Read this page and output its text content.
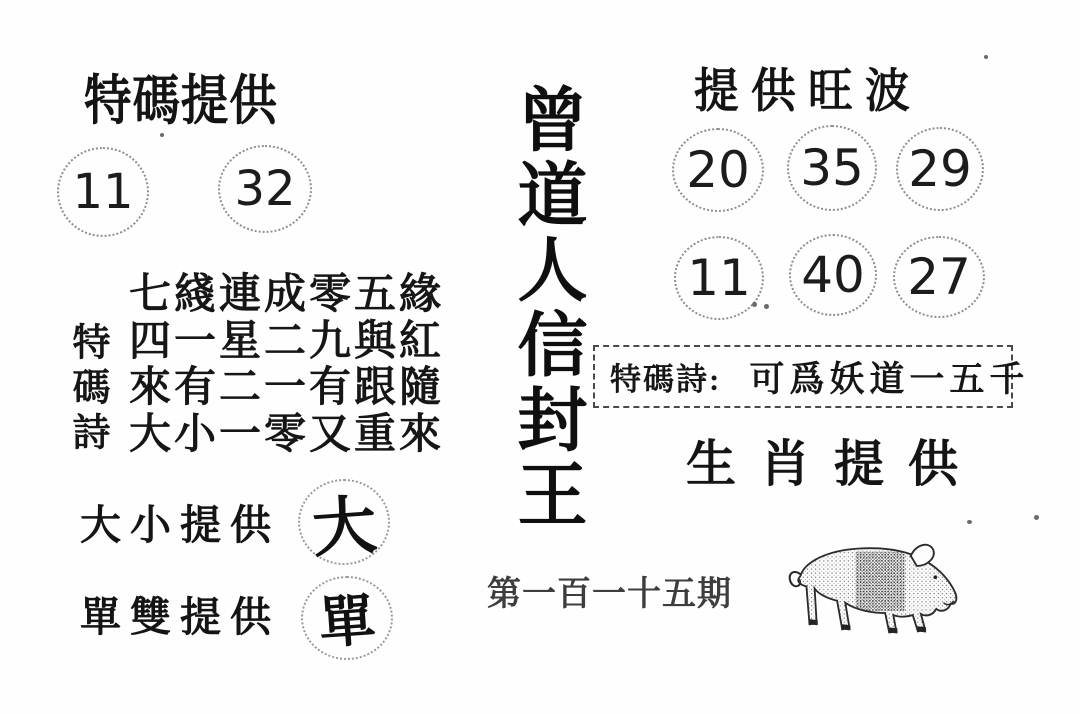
特碼提供
11 32
特碼詩
七綫連成零五緣
四一星二九與紅
來有二一有跟隨
大小一零又重來
大小提供 大
單雙提供 單
曾道人信封王
第一百一十五期
提供旺波
20 35 29
11 40 27
特碼詩: 可爲妖道一五千
生肖提供
